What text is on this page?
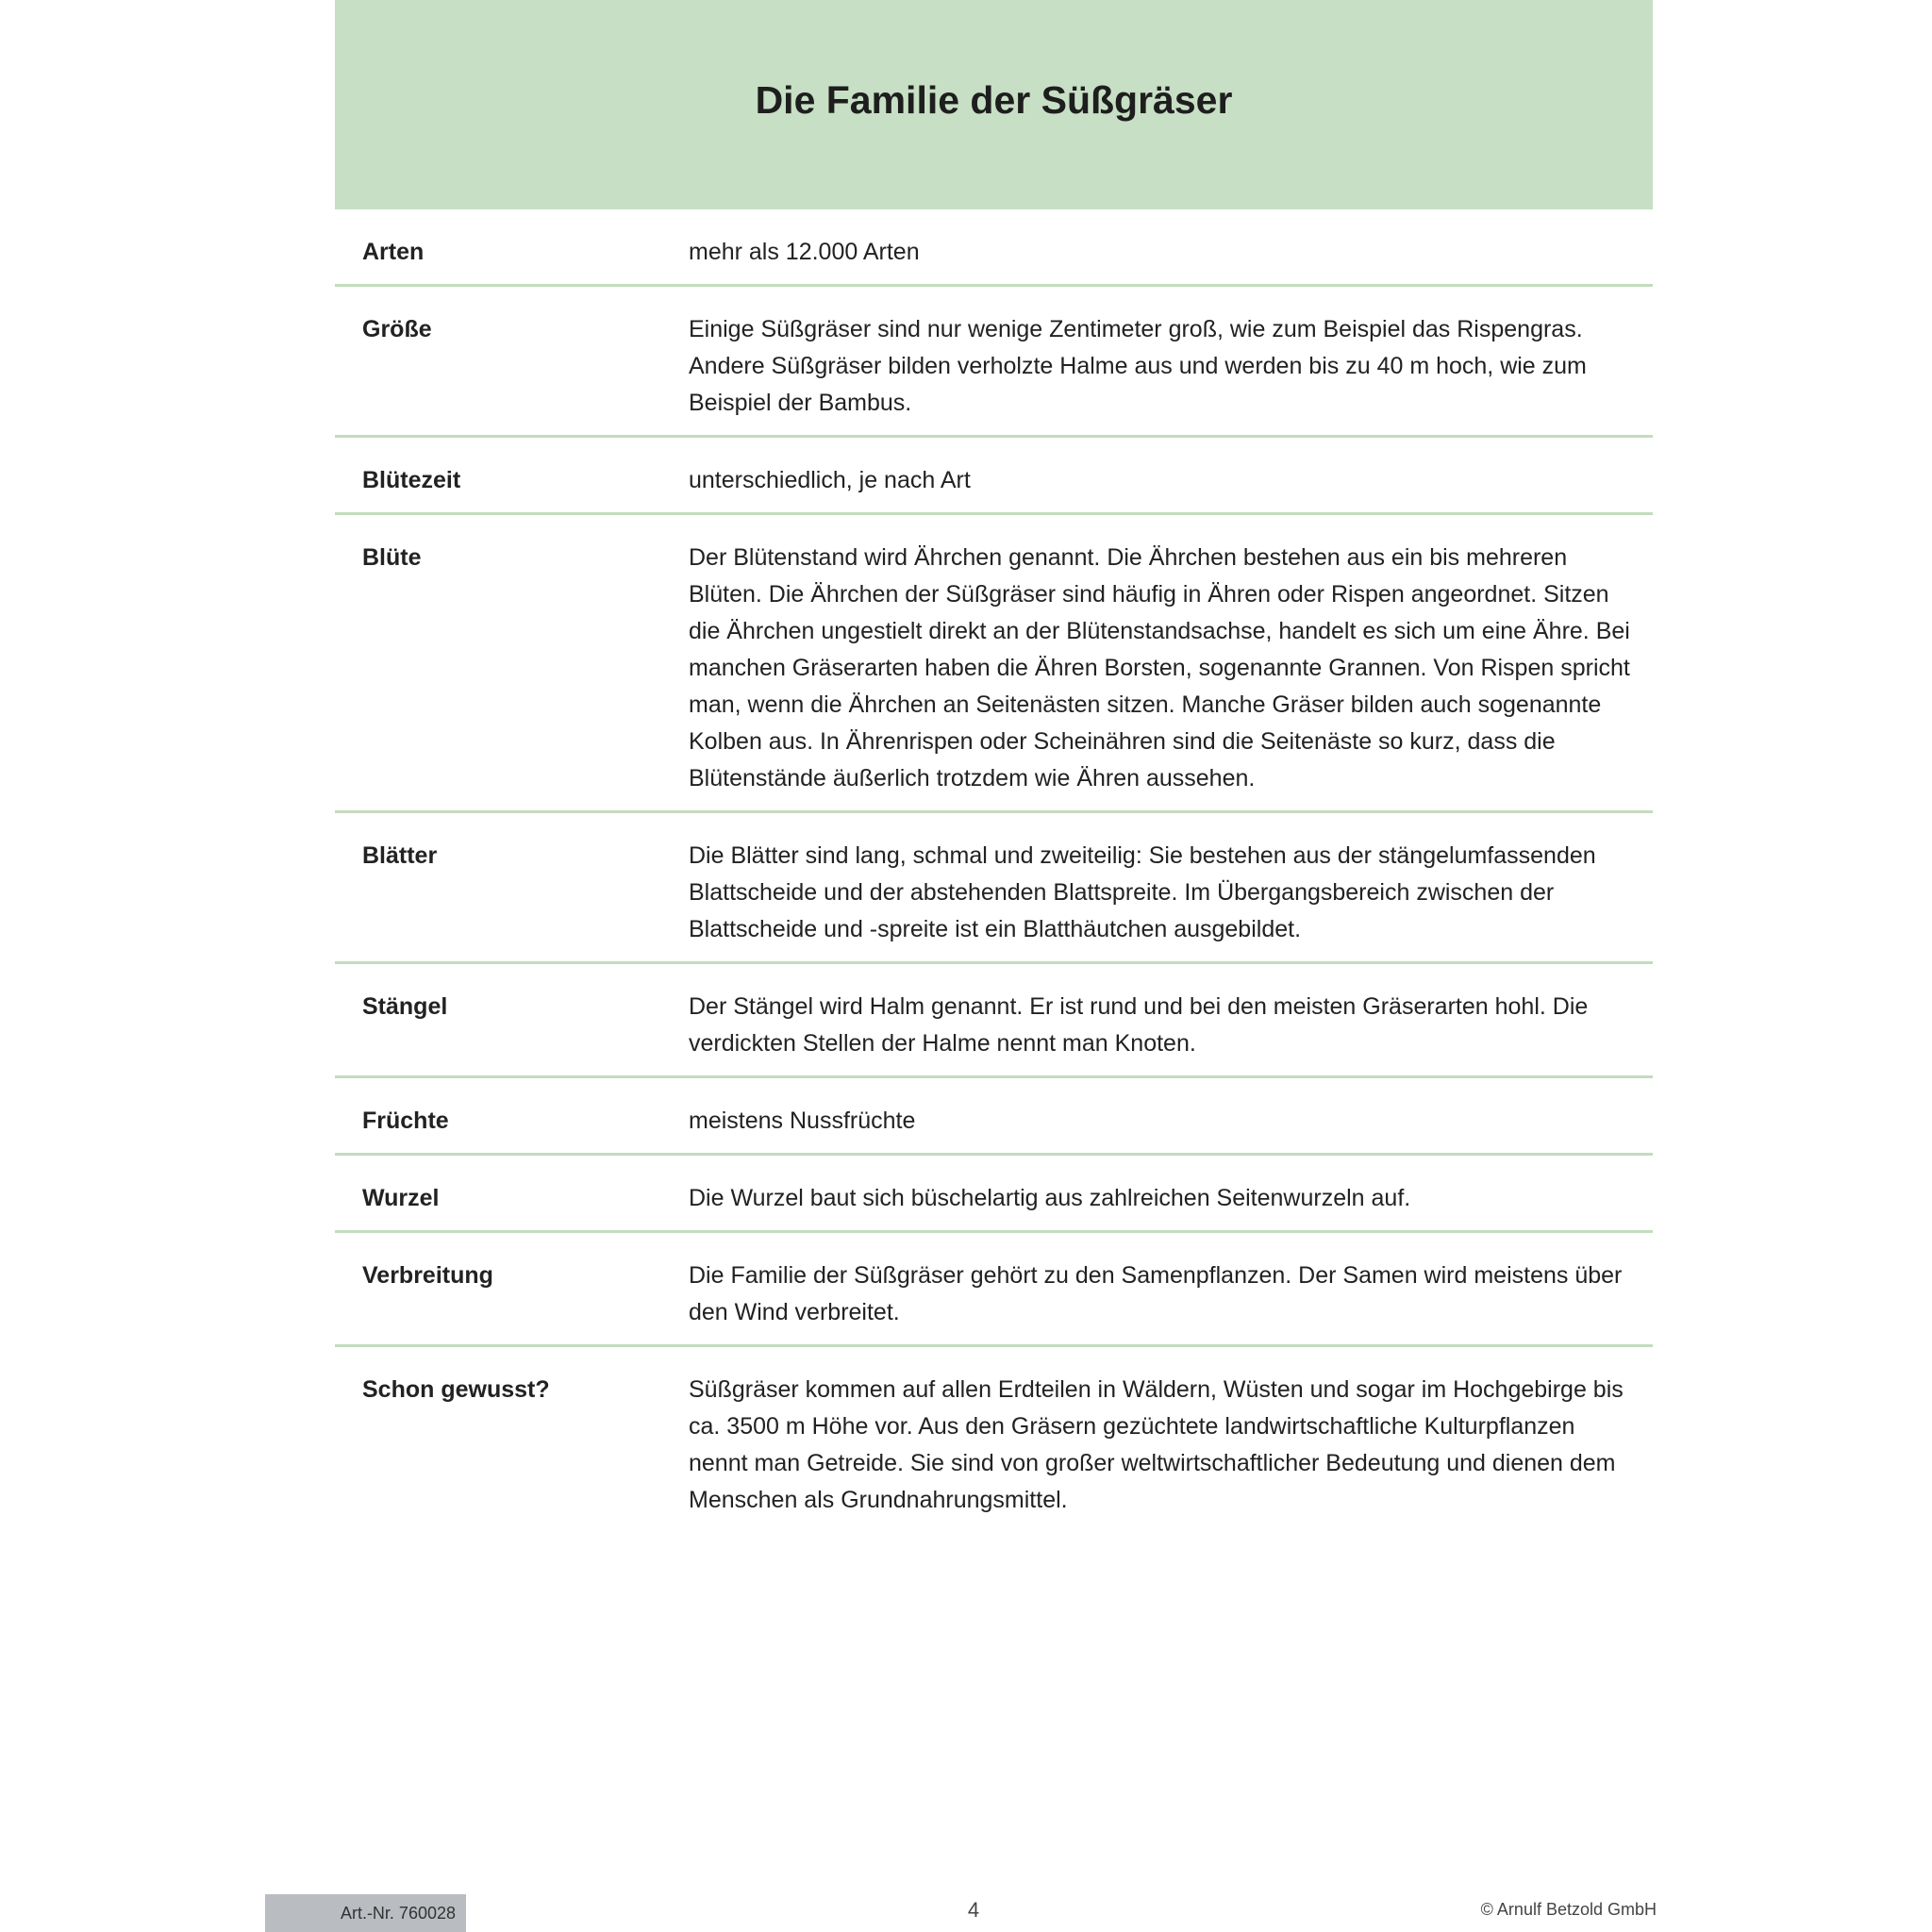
Die Familie der Süßgräser
Arten	mehr als 12.000 Arten
Größe	Einige Süßgräser sind nur wenige Zentimeter groß, wie zum Beispiel das Rispengras. Andere Süßgräser bilden verholzte Halme aus und werden bis zu 40 m hoch, wie zum Beispiel der Bambus.
Blütezeit	unterschiedlich, je nach Art
Blüte	Der Blütenstand wird Ährchen genannt. Die Ährchen bestehen aus ein bis mehreren Blüten. Die Ährchen der Süßgräser sind häufig in Ähren oder Rispen angeordnet. Sitzen die Ährchen ungestielt direkt an der Blütenstandsachse, handelt es sich um eine Ähre. Bei manchen Gräserarten haben die Ähren Borsten, sogenannte Grannen. Von Rispen spricht man, wenn die Ährchen an Seitenästen sitzen. Manche Gräser bilden auch sogenannte Kolben aus. In Ährenrispen oder Scheinähren sind die Seitenäste so kurz, dass die Blütenstände äußerlich trotzdem wie Ähren aussehen.
Blätter	Die Blätter sind lang, schmal und zweiteilig: Sie bestehen aus der stängelumfassenden Blattscheide und der abstehenden Blattspreite. Im Übergangsbereich zwischen der Blattscheide und -spreite ist ein Blatthäutchen ausgebildet.
Stängel	Der Stängel wird Halm genannt. Er ist rund und bei den meisten Gräserarten hohl. Die verdickten Stellen der Halme nennt man Knoten.
Früchte	meistens Nussfrüchte
Wurzel	Die Wurzel baut sich büschelartig aus zahlreichen Seitenwurzeln auf.
Verbreitung	Die Familie der Süßgräser gehört zu den Samenpflanzen. Der Samen wird meistens über den Wind verbreitet.
Schon gewusst?	Süßgräser kommen auf allen Erdteilen in Wäldern, Wüsten und sogar im Hochgebirge bis ca. 3500 m Höhe vor. Aus den Gräsern gezüchtete landwirtschaftliche Kulturpflanzen nennt man Getreide. Sie sind von großer weltwirtschaftlicher Bedeutung und dienen dem Menschen als Grundnahrungsmittel.
Art.-Nr. 760028	4	© Arnulf Betzold GmbH
